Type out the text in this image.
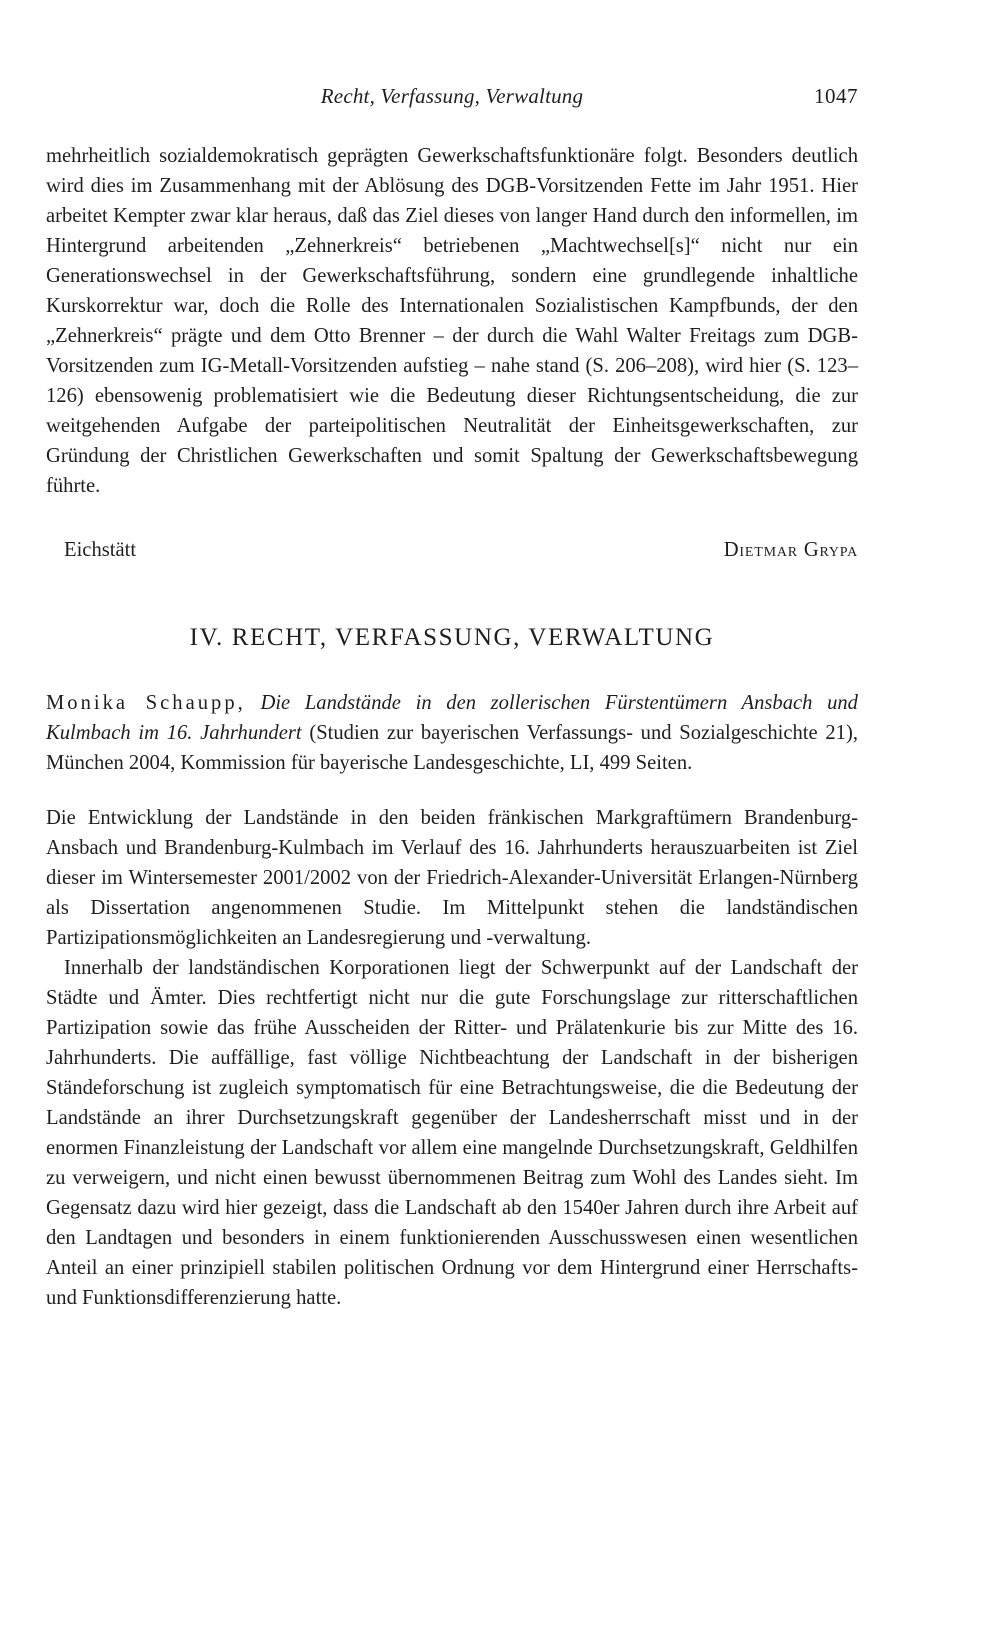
Recht, Verfassung, Verwaltung	1047

mehrheitlich sozialdemokratisch geprägten Gewerkschaftsfunktionäre folgt. Besonders deutlich wird dies im Zusammenhang mit der Ablösung des DGB-Vorsitzenden Fette im Jahr 1951. Hier arbeitet Kempter zwar klar heraus, daß das Ziel dieses von langer Hand durch den informellen, im Hintergrund arbeitenden „Zehnerkreis“ betriebenen „Machtwechsel[s]“ nicht nur ein Generationswechsel in der Gewerkschaftsführung, sondern eine grundlegende inhaltliche Kurskorrektur war, doch die Rolle des Internationalen Sozialistischen Kampfbunds, der den „Zehnerkreis“ prägte und dem Otto Brenner – der durch die Wahl Walter Freitags zum DGB-Vorsitzenden zum IG-Metall-Vorsitzenden aufstieg – nahe stand (S. 206–208), wird hier (S. 123–126) ebensowenig problematisiert wie die Bedeutung dieser Richtungsentscheidung, die zur weitgehenden Aufgabe der parteipolitischen Neutralität der Einheitsgewerkschaften, zur Gründung der Christlichen Gewerkschaften und somit Spaltung der Gewerkschaftsbewegung führte.

Eichstätt	Dietmar Grypa
IV. RECHT, VERFASSUNG, VERWALTUNG
Monika Schaupp, Die Landstände in den zollerischen Fürstentümern Ansbach und Kulmbach im 16. Jahrhundert (Studien zur bayerischen Verfassungs- und Sozialgeschichte 21), München 2004, Kommission für bayerische Landesgeschichte, LI, 499 Seiten.

Die Entwicklung der Landstände in den beiden fränkischen Markgraftümern Brandenburg-Ansbach und Brandenburg-Kulmbach im Verlauf des 16. Jahrhunderts herauszuarbeiten ist Ziel dieser im Wintersemester 2001/2002 von der Friedrich-Alexander-Universität Erlangen-Nürnberg als Dissertation angenommenen Studie. Im Mittelpunkt stehen die landständischen Partizipationsmöglichkeiten an Landesregierung und -verwaltung.

Innerhalb der landständischen Korporationen liegt der Schwerpunkt auf der Landschaft der Städte und Ämter. Dies rechtfertigt nicht nur die gute Forschungslage zur ritterschaftlichen Partizipation sowie das frühe Ausscheiden der Ritter- und Prälatenkurie bis zur Mitte des 16. Jahrhunderts. Die auffällige, fast völlige Nichtbeachtung der Landschaft in der bisherigen Ständeforschung ist zugleich symptomatisch für eine Betrachtungsweise, die die Bedeutung der Landstände an ihrer Durchsetzungskraft gegenüber der Landesherrschaft misst und in der enormen Finanzleistung der Landschaft vor allem eine mangelnde Durchsetzungskraft, Geldhilfen zu verweigern, und nicht einen bewusst übernommenen Beitrag zum Wohl des Landes sieht. Im Gegensatz dazu wird hier gezeigt, dass die Landschaft ab den 1540er Jahren durch ihre Arbeit auf den Landtagen und besonders in einem funktionierenden Ausschusswesen einen wesentlichen Anteil an einer prinzipiell stabilen politischen Ordnung vor dem Hintergrund einer Herrschafts- und Funktionsdifferenzierung hatte.
